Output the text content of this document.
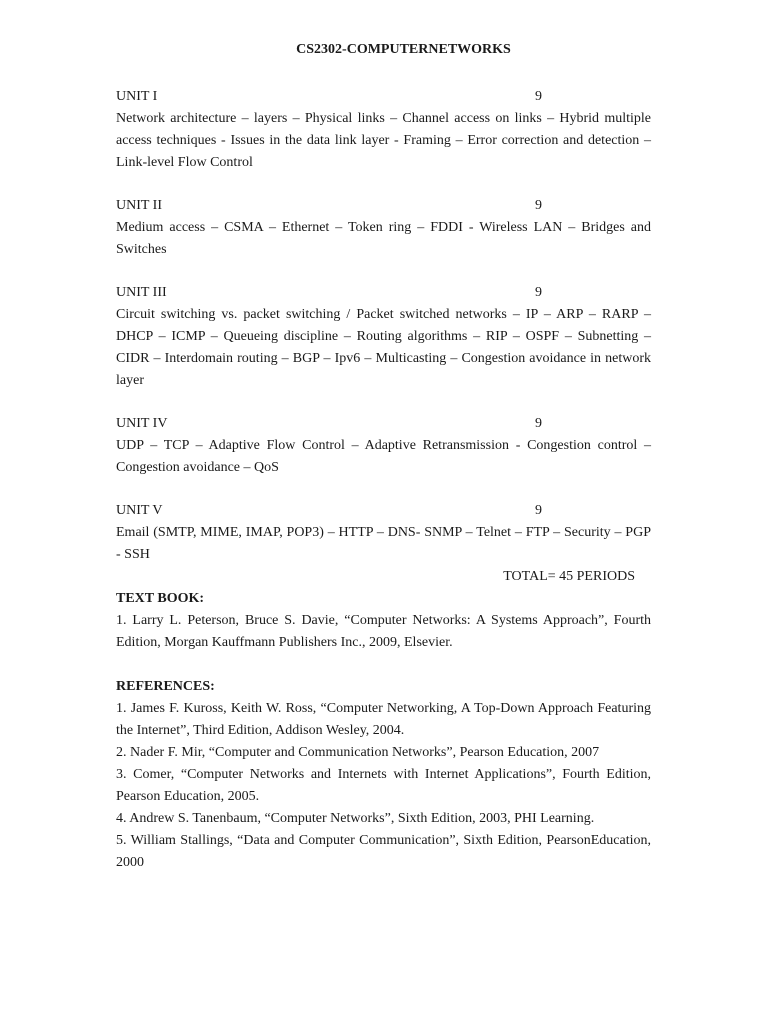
CS2302-COMPUTERNETWORKS
UNIT I	9
Network architecture – layers – Physical links – Channel access on links – Hybrid multiple access techniques - Issues in the data link layer - Framing – Error correction and detection – Link-level Flow Control
UNIT II	9
Medium access – CSMA – Ethernet – Token ring – FDDI - Wireless LAN – Bridges and Switches
UNIT III	9
Circuit switching vs. packet switching / Packet switched networks – IP – ARP – RARP – DHCP – ICMP – Queueing discipline – Routing algorithms – RIP – OSPF – Subnetting – CIDR – Interdomain routing – BGP – Ipv6 – Multicasting – Congestion avoidance in network layer
UNIT IV	9
UDP – TCP – Adaptive Flow Control – Adaptive Retransmission - Congestion control –Congestion avoidance – QoS
UNIT V	9
Email (SMTP, MIME, IMAP, POP3) – HTTP – DNS- SNMP – Telnet – FTP – Security – PGP - SSH
TOTAL= 45 PERIODS
TEXT BOOK:
1. Larry L. Peterson, Bruce S. Davie, “Computer Networks: A Systems Approach”, Fourth Edition, Morgan Kauffmann Publishers Inc., 2009, Elsevier.
REFERENCES:
1. James F. Kuross, Keith W. Ross, “Computer Networking, A Top-Down Approach Featuring the Internet”, Third Edition, Addison Wesley, 2004.
2. Nader F. Mir, “Computer and Communication Networks”, Pearson Education, 2007
3. Comer, “Computer Networks and Internets with Internet Applications”, Fourth Edition, Pearson Education, 2005.
4. Andrew S. Tanenbaum, “Computer Networks”, Sixth Edition, 2003, PHI Learning.
5. William Stallings, “Data and Computer Communication”, Sixth Edition, PearsonEducation, 2000
